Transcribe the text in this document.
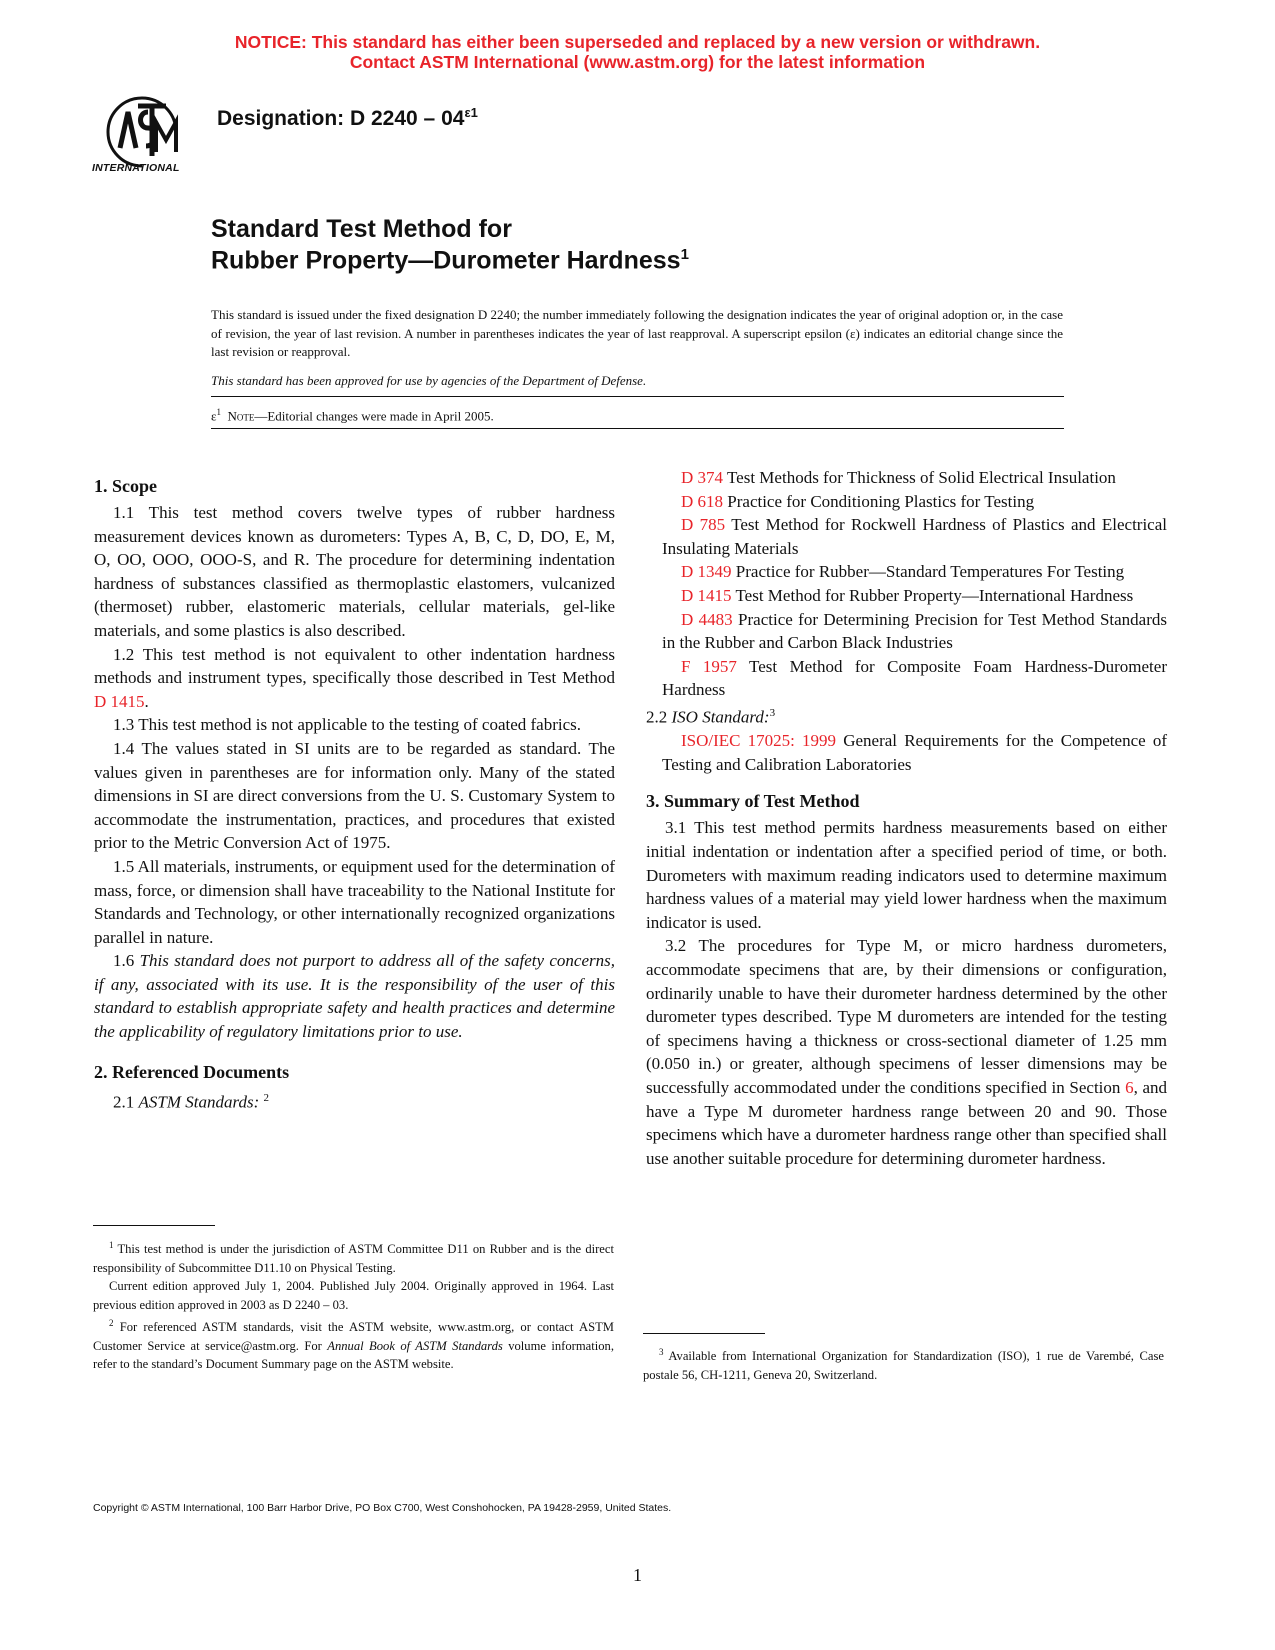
NOTICE: This standard has either been superseded and replaced by a new version or withdrawn.
Contact ASTM International (www.astm.org) for the latest information
INTERNATIONAL
Designation: D $2240 - 04^{\varepsilon 1}$
Standard Test Method for
Rubber Property—Durometer Hardness$^1$
This standard is issued under the fixed designation D 2240; the number immediately following the designation indicates the year of original adoption or, in the case of revision, the year of last revision. A number in parentheses indicates the year of last reapproval. A superscript epsilon (ε) indicates an editorial change since the last revision or reapproval.
This standard has been approved for use by agencies of the Department of Defense.
$\varepsilon^1$ Note—Editorial changes were made in April 2005.
1. Scope

1.1 This test method covers twelve types of rubber hardness measurement devices known as durometers: Types A, B, C, D, DO, E, M, O, OO, OOO, OOO-S, and R. The procedure for determining indentation hardness of substances classified as thermoplastic elastomers, vulcanized (thermoset) rubber, elastomeric materials, cellular materials, gel-like materials, and some plastics is also described.

1.2 This test method is not equivalent to other indentation hardness methods and instrument types, specifically those described in Test Method D 1415.

1.3 This test method is not applicable to the testing of coated fabrics.

1.4 The values stated in SI units are to be regarded as standard. The values given in parentheses are for information only. Many of the stated dimensions in SI are direct conversions from the U. S. Customary System to accommodate the instrumentation, practices, and procedures that existed prior to the Metric Conversion Act of 1975.

1.5 All materials, instruments, or equipment used for the determination of mass, force, or dimension shall have traceability to the National Institute for Standards and Technology, or other internationally recognized organizations parallel in nature.

1.6 This standard does not purport to address all of the safety concerns, if any, associated with its use. It is the responsibility of the user of this standard to establish appropriate safety and health practices and determine the applicability of regulatory limitations prior to use.

2. Referenced Documents

2.1 ASTM Standards: $^2$

$^1$ This test method is under the jurisdiction of ASTM Committee D11 on Rubber and is the direct responsibility of Subcommittee D11.10 on Physical Testing.

Current edition approved July 1, 2004. Published July 2004. Originally approved in 1964. Last previous edition approved in 2003 as D 2240 – 03.

$^2$ For referenced ASTM standards, visit the ASTM website, www.astm.org, or contact ASTM Customer Service at service@astm.org. For Annual Book of ASTM Standards volume information, refer to the standard’s Document Summary page on the ASTM website.

D 374 Test Methods for Thickness of Solid Electrical Insulation

D 618 Practice for Conditioning Plastics for Testing

D 785 Test Method for Rockwell Hardness of Plastics and Electrical Insulating Materials

D 1349 Practice for Rubber—Standard Temperatures For Testing

D 1415 Test Method for Rubber Property—International Hardness

D 4483 Practice for Determining Precision for Test Method Standards in the Rubber and Carbon Black Industries

F 1957 Test Method for Composite Foam Hardness-Durometer Hardness

2.2 ISO Standard:$^3$

ISO/IEC 17025: 1999 General Requirements for the Competence of Testing and Calibration Laboratories

3. Summary of Test Method

3.1 This test method permits hardness measurements based on either initial indentation or indentation after a specified period of time, or both. Durometers with maximum reading indicators used to determine maximum hardness values of a material may yield lower hardness when the maximum indicator is used.

3.2 The procedures for Type M, or micro hardness durometers, accommodate specimens that are, by their dimensions or configuration, ordinarily unable to have their durometer hardness determined by the other durometer types described. Type M durometers are intended for the testing of specimens having a thickness or cross-sectional diameter of 1.25 mm (0.050 in.) or greater, although specimens of lesser dimensions may be successfully accommodated under the conditions specified in Section 6, and have a Type M durometer hardness range between 20 and 90. Those specimens which have a durometer hardness range other than specified shall use another suitable procedure for determining durometer hardness.

$^3$ Available from International Organization for Standardization (ISO), 1 rue de Varembé, Case postale 56, CH-1211, Geneva 20, Switzerland.

Copyright © ASTM International, 100 Barr Harbor Drive, PO Box C700, West Conshohocken, PA 19428-2959, United States.
1
